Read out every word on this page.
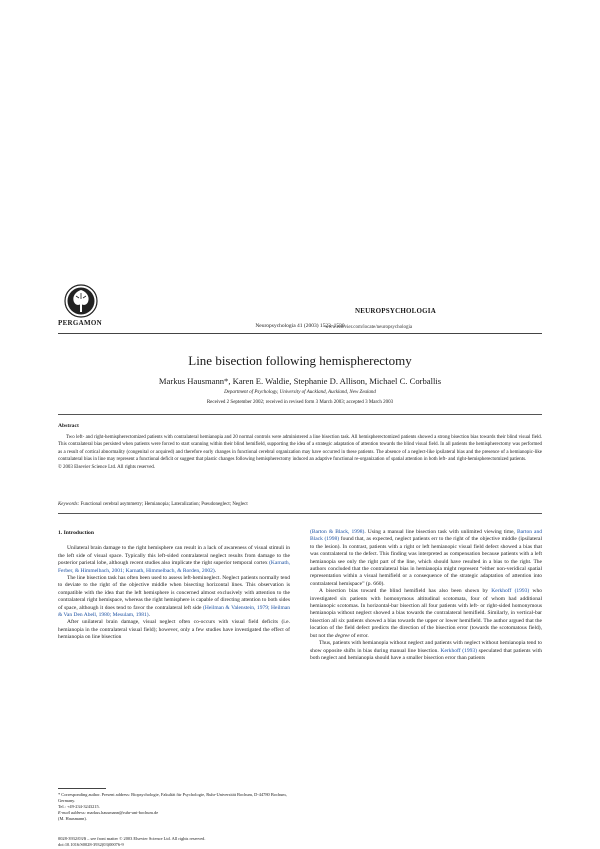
PERGAMON	Neuropsychologia 41 (2003) 1523–1530
NEUROPSYCHOLOGIA
www.elsevier.com/locate/neuropsychologia
Line bisection following hemispherectomy
Markus Hausmann*, Karen E. Waldie, Stephanie D. Allison, Michael C. Corballis
Department of Psychology, University of Auckland, Auckland, New Zealand
Received 2 September 2002; received in revised form 3 March 2003; accepted 3 March 2003
Abstract
Two left- and right-hemispherectomized patients with contralateral hemianopia and 20 normal controls were administered a line bisection task. All hemispherectomized patients showed a strong bisection bias towards their blind visual field. This contralateral bias persisted when patients were forced to start scanning within their blind hemifield, supporting the idea of a strategic adaptation of attention towards the blind visual field. In all patients the hemispherectomy was performed as a result of cortical abnormality (congenital or acquired) and therefore early changes in functional cerebral organization may have occurred in these patients. The absence of a neglect-like ipsilateral bias and the presence of a hemianopic-like contralateral bias in line may represent a functional deficit or suggest that plastic changes following hemispherectomy induced an adaptive functional re-organization of spatial attention in both left- and right-hemispherectomized patients.
© 2003 Elsevier Science Ltd. All rights reserved.
Keywords: Functional cerebral asymmetry; Hemianopia; Lateralization; Pseudoneglect; Neglect
1. Introduction

Unilateral brain damage to the right hemisphere can result in a lack of awareness of visual stimuli in the left side of visual space. Typically this left-sided contralateral neglect results from damage to the posterior parietal lobe, although recent studies also implicate the right superior temporal cortex (Karnath, Ferber, & Himmelbach, 2001; Karnath, Himmelbach, & Rorden, 2002).

The line bisection task has often been used to assess left-hemineglect. Neglect patients normally tend to deviate to the right of the objective middle when bisecting horizontal lines. This observation is compatible with the idea that the left hemisphere is concerned almost exclusively with attention to the contralateral right hemispace, whereas the right hemisphere is capable of directing attention to both sides of space, although it does tend to favor the contralateral left side (Heilman & Valenstein, 1979; Heilman & Van Den Abell, 1980; Mesulam, 1981).

After unilateral brain damage, visual neglect often co-occurs with visual field deficits (i.e. hemianopia in the contralateral visual field); however, only a few studies have investigated the effect of hemianopia on line bisection

(Barton & Black, 1998). Using a manual line bisection task with unlimited viewing time, Barton and Black (1998) found that, as expected, neglect patients err to the right of the objective middle (ipsilateral to the lesion). In contrast, patients with a right or left hemianopic visual field defect showed a bias that was contralateral to the defect. This finding was interpreted as compensation because patients with a left hemianopia see only the right part of the line, which should have resulted in a bias to the right. The authors concluded that the contralateral bias in hemianopia might represent “either non-veridical spatial representation within a visual hemifield or a consequence of the strategic adaptation of attention into contralateral hemispace” (p. 660).

A bisection bias toward the blind hemifield has also been shown by Kerkhoff (1993) who investigated six patients with homonymous altitudinal scotomata, four of whom had additional hemianopic scotomas. In horizontal-bar bisection all four patients with left- or right-sided homonymous hemianopia without neglect showed a bias towards the contralateral hemifield. Similarly, in vertical-bar bisection all six patients showed a bias towards the upper or lower hemifield. The author argued that the location of the field defect predicts the direction of the bisection error (towards the scotomatous field), but not the degree of error.

Thus, patients with hemianopia without neglect and patients with neglect without hemianopia tend to show opposite shifts in bias during manual line bisection. Kerkhoff (1993) speculated that patients with both neglect and hemianopia should have a smaller bisection error than patients

* Corresponding author. Present address: Biopsychologie, Fakultät für Psychologie, Ruhr-Universität Bochum, D-44780 Bochum, Germany.

Tel.: +49-234-3243215.

E-mail address: markus.hausmann@ruhr-uni-bochum.de

(M. Hausmann).

0028-3932/03/$ – see front matter © 2003 Elsevier Science Ltd. All rights reserved.
doi:10.1016/S0028-3932(03)00076-9
